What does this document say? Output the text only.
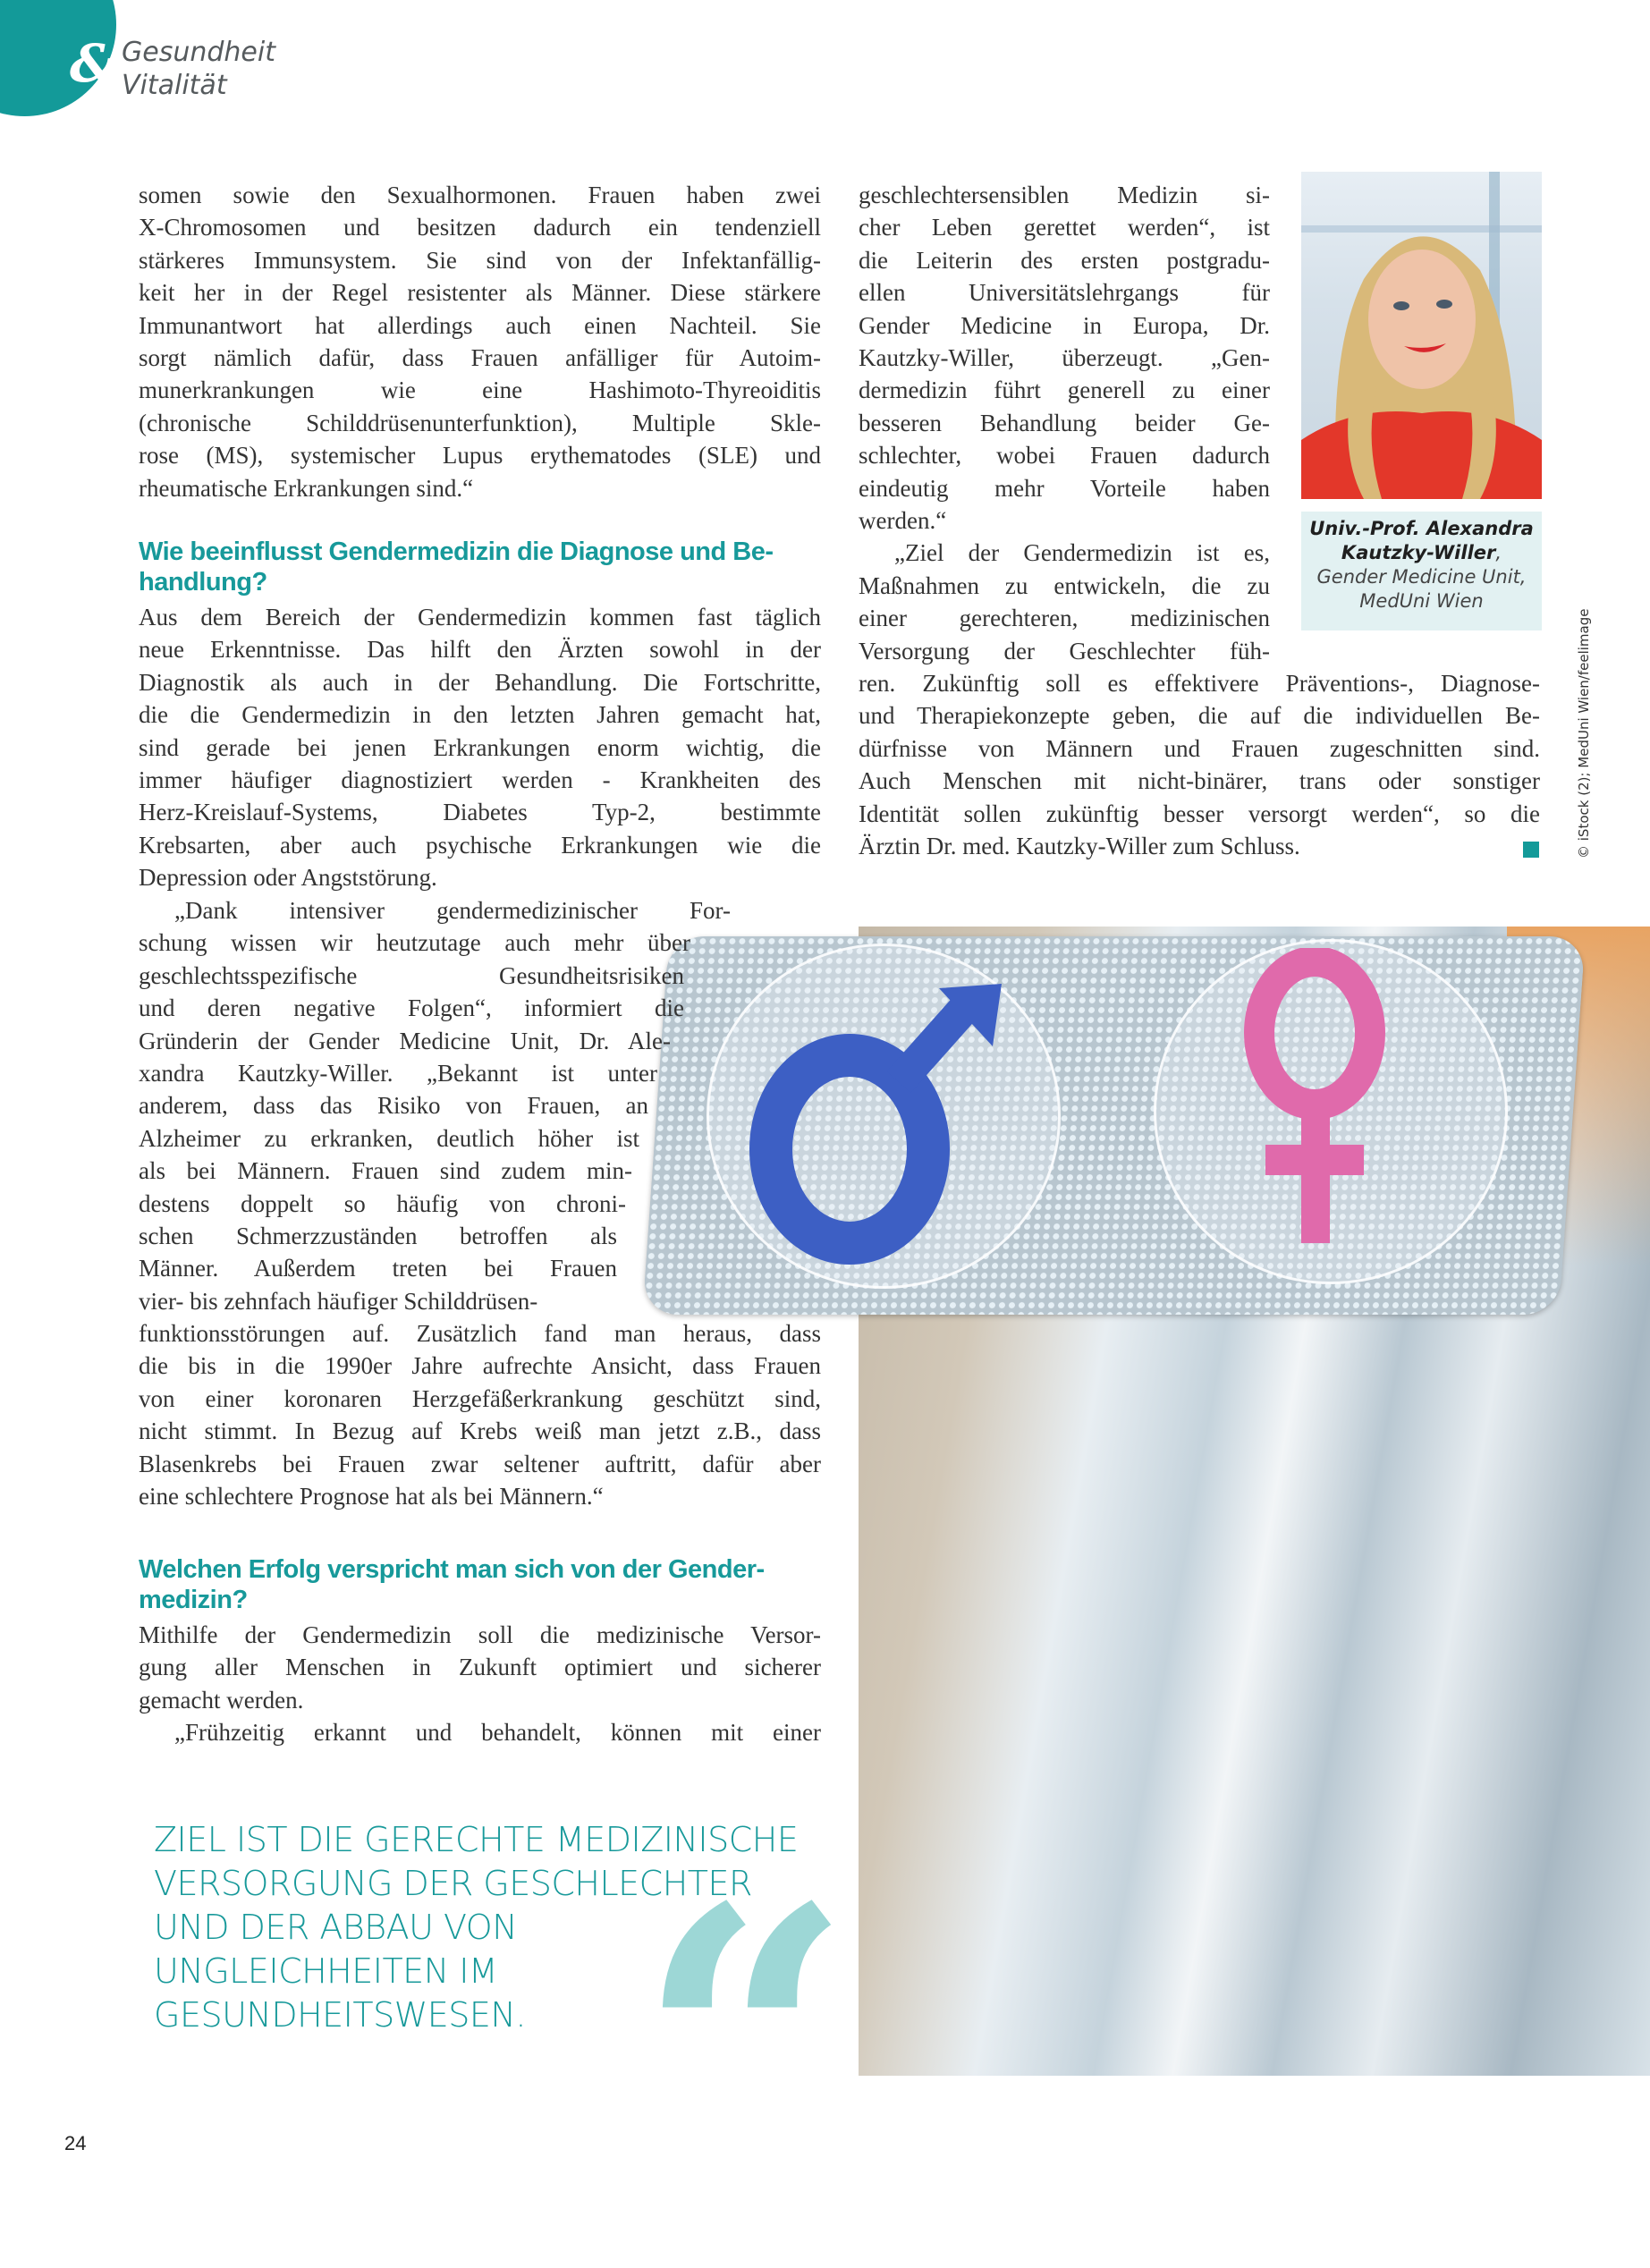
& Gesundheit
Vitalität
somen sowie den Sexualhormonen. Frauen haben zwei
X-Chromosomen und besitzen dadurch ein tendenziell
stärkeres Immunsystem. Sie sind von der Infektanfällig-
keit her in der Regel resistenter als Männer. Diese stärkere
Immunantwort hat allerdings auch einen Nachteil. Sie
sorgt nämlich dafür, dass Frauen anfälliger für Autoim-
munerkrankungen wie eine Hashimoto-Thyreoiditis
(chronische Schilddrüsenunterfunktion), Multiple Skle-
rose (MS), systemischer Lupus erythematodes (SLE) und
rheumatische Erkrankungen sind.“
Wie beeinflusst Gendermedizin die Diagnose und Be-
handlung?
Aus dem Bereich der Gendermedizin kommen fast täglich
neue Erkenntnisse. Das hilft den Ärzten sowohl in der
Diagnostik als auch in der Behandlung. Die Fortschritte,
die die Gendermedizin in den letzten Jahren gemacht hat,
sind gerade bei jenen Erkrankungen enorm wichtig, die
immer häufiger diagnostiziert werden - Krankheiten des
Herz-Kreislauf-Systems, Diabetes Typ-2, bestimmte
Krebsarten, aber auch psychische Erkrankungen wie die
Depression oder Angststörung.
„Dank intensiver gendermedizinischer For-
schung wissen wir heutzutage auch mehr über
geschlechtsspezifische Gesundheitsrisiken
und deren negative Folgen“, informiert die
Gründerin der Gender Medicine Unit, Dr. Ale-
xandra Kautzky-Willer. „Bekannt ist unter
anderem, dass das Risiko von Frauen, an
Alzheimer zu erkranken, deutlich höher ist
als bei Männern. Frauen sind zudem min-
destens doppelt so häufig von chroni-
schen Schmerzzuständen betroffen als
Männer. Außerdem treten bei Frauen
vier- bis zehnfach häufiger Schilddrüsen-
funktionsstörungen auf. Zusätzlich fand man heraus, dass
die bis in die 1990er Jahre aufrechte Ansicht, dass Frauen
von einer koronaren Herzgefäßerkrankung geschützt sind,
nicht stimmt. In Bezug auf Krebs weiß man jetzt z.B., dass
Blasenkrebs bei Frauen zwar seltener auftritt, dafür aber
eine schlechtere Prognose hat als bei Männern.“
Welchen Erfolg verspricht man sich von der Gender-
medizin?
Mithilfe der Gendermedizin soll die medizinische Versor-
gung aller Menschen in Zukunft optimiert und sicherer
gemacht werden.
„Frühzeitig erkannt und behandelt, können mit einer
geschlechtersensiblen Medizin si-
cher Leben gerettet werden“, ist
die Leiterin des ersten postgradu-
ellen Universitätslehrgangs für
Gender Medicine in Europa, Dr.
Kautzky-Willer, überzeugt. „Gen-
dermedizin führt generell zu einer
besseren Behandlung beider Ge-
schlechter, wobei Frauen dadurch
eindeutig mehr Vorteile haben
werden.“
„Ziel der Gendermedizin ist es,
Maßnahmen zu entwickeln, die zu
einer gerechteren, medizinischen
Versorgung der Geschlechter füh-
ren. Zukünftig soll es effektivere Präventions-, Diagnose-
und Therapiekonzepte geben, die auf die individuellen Be-
dürfnisse von Männern und Frauen zugeschnitten sind.
Auch Menschen mit nicht-binärer, trans oder sonstiger
Identität sollen zukünftig besser versorgt werden“, so die
Ärztin Dr. med. Kautzky-Willer zum Schluss.
Univ.-Prof. Alexandra
Kautzky-Willer,
Gender Medicine Unit,
MedUni Wien
© iStock (2); MedUni Wien/feelimage
ZIEL IST DIE GERECHTE MEDIZINISCHE
VERSORGUNG DER GESCHLECHTER
UND DER ABBAU VON
UNGLEICHHEITEN IM
GESUNDHEITSWESEN. “
24
